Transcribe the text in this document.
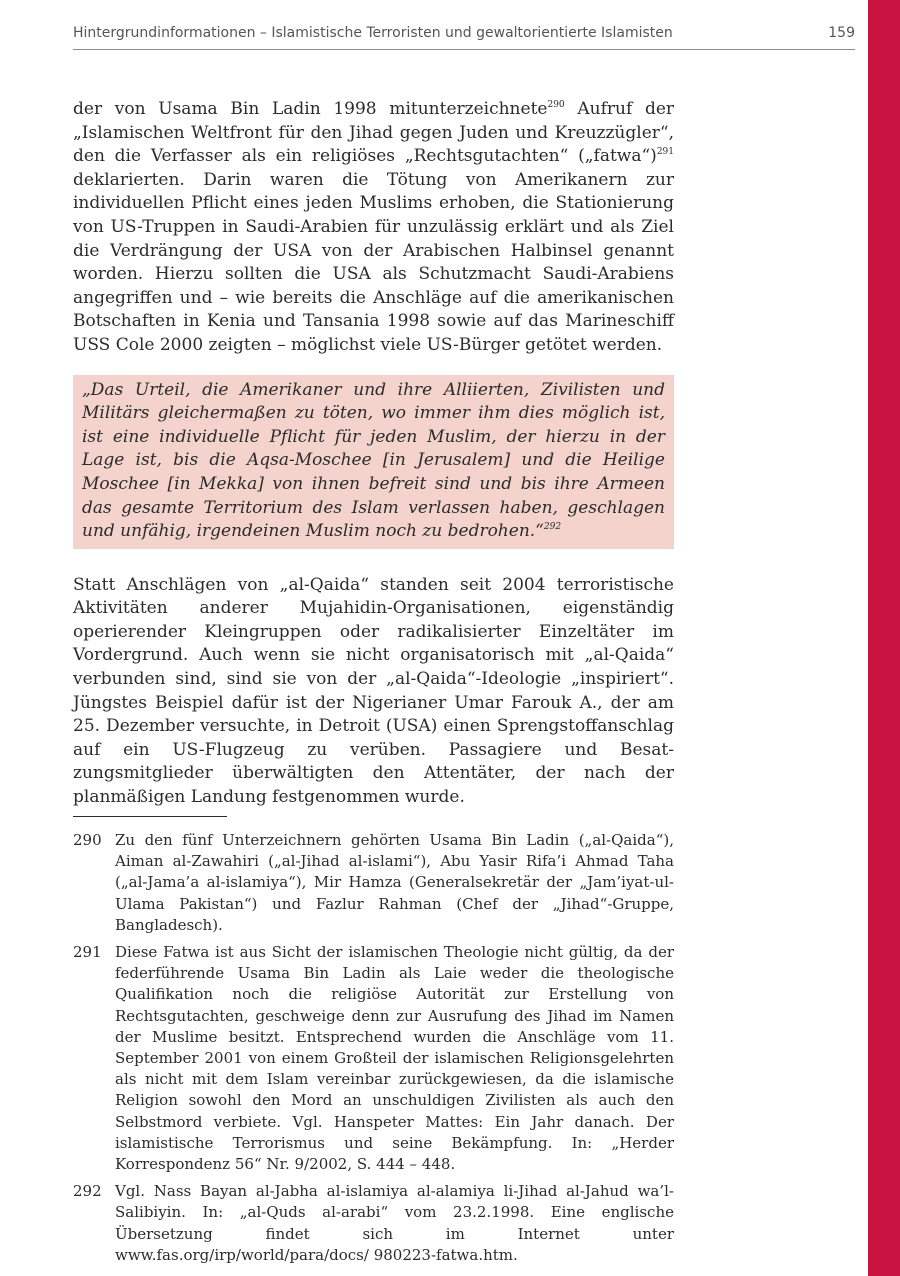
Hintergrundinformationen – Islamistische Terroristen und gewaltorientierte Islamisten	159

der von Usama Bin Ladin 1998 mitunterzeichnete$^{290}$ Aufruf der „Islamischen Weltfront für den Jihad gegen Juden und Kreuzzügler“, den die Verfasser als ein religiöses „Rechtsgutachten“ („fatwa“)$^{291}$ deklarierten. Darin waren die Tötung von Amerikanern zur individuellen Pflicht eines jeden Muslims erhoben, die Stationierung von US-Truppen in Saudi-Arabien für unzulässig erklärt und als Ziel die Verdrängung der USA von der Arabischen Halbinsel genannt worden. Hierzu sollten die USA als Schutzmacht Saudi-Arabiens angegriffen und – wie bereits die Anschläge auf die amerikanischen Botschaften in Kenia und Tansania 1998 sowie auf das Marineschiff USS Cole 2000 zeigten – möglichst viele US-Bürger getötet werden.

„Das Urteil, die Amerikaner und ihre Alliierten, Zivilisten und Militärs gleichermaßen zu töten, wo immer ihm dies möglich ist, ist eine individuelle Pflicht für jeden Muslim, der hierzu in der Lage ist, bis die Aqsa-Moschee [in Jerusalem] und die Heilige Moschee [in Mekka] von ihnen befreit sind und bis ihre Armeen das gesamte Territorium des Islam verlassen haben, geschlagen und unfähig, irgendeinen Muslim noch zu bedrohen.“$^{292}$

Statt Anschlägen von „al-Qaida“ standen seit 2004 terroristische Aktivitäten anderer Mujahidin-Organisationen, eigenständig operierender Kleingruppen oder radikalisierter Einzeltäter im Vordergrund. Auch wenn sie nicht organisatorisch mit „al-Qaida“ verbunden sind, sind sie von der „al-Qaida“-Ideologie „inspiriert“. Jüngstes Beispiel dafür ist der Nigerianer Umar Farouk A., der am 25. Dezember versuchte, in Detroit (USA) einen Sprengstoffanschlag auf ein US-Flugzeug zu verüben. Passagiere und Besatzungsmitglieder überwältigten den Attentäter, der nach der planmäßigen Landung festgenommen wurde.

290 Zu den fünf Unterzeichnern gehörten Usama Bin Ladin („al-Qaida“), Aiman al-Zawahiri („al-Jihad al-islami“), Abu Yasir Rifa’i Ahmad Taha („al-Jama’a al-islamiya“), Mir Hamza (Generalsekretär der „Jam’iyat-ul-Ulama Pakistan“) und Fazlur Rahman (Chef der „Jihad“-Gruppe, Bangladesch).
291 Diese Fatwa ist aus Sicht der islamischen Theologie nicht gültig, da der federführende Usama Bin Ladin als Laie weder die theologische Qualifikation noch die religiöse Autorität zur Erstellung von Rechtsgutachten, geschweige denn zur Ausrufung des Jihad im Namen der Muslime besitzt. Entsprechend wurden die Anschläge vom 11. September 2001 von einem Großteil der islamischen Religionsgelehrten als nicht mit dem Islam vereinbar zurückgewiesen, da die islamische Religion sowohl den Mord an unschuldigen Zivilisten als auch den Selbstmord verbiete. Vgl. Hanspeter Mattes: Ein Jahr danach. Der islamistische Terrorismus und seine Bekämpfung. In: „Herder Korrespondenz 56“ Nr. 9/2002, S. 444 – 448.
292 Vgl. Nass Bayan al-Jabha al-islamiya al-alamiya li-Jihad al-Jahud wa’l-Salibiyin. In: „al-Quds al-arabi“ vom 23.2.1998. Eine englische Übersetzung findet sich im Internet unter www.fas.org/irp/world/para/docs/ 980223-fatwa.htm.
